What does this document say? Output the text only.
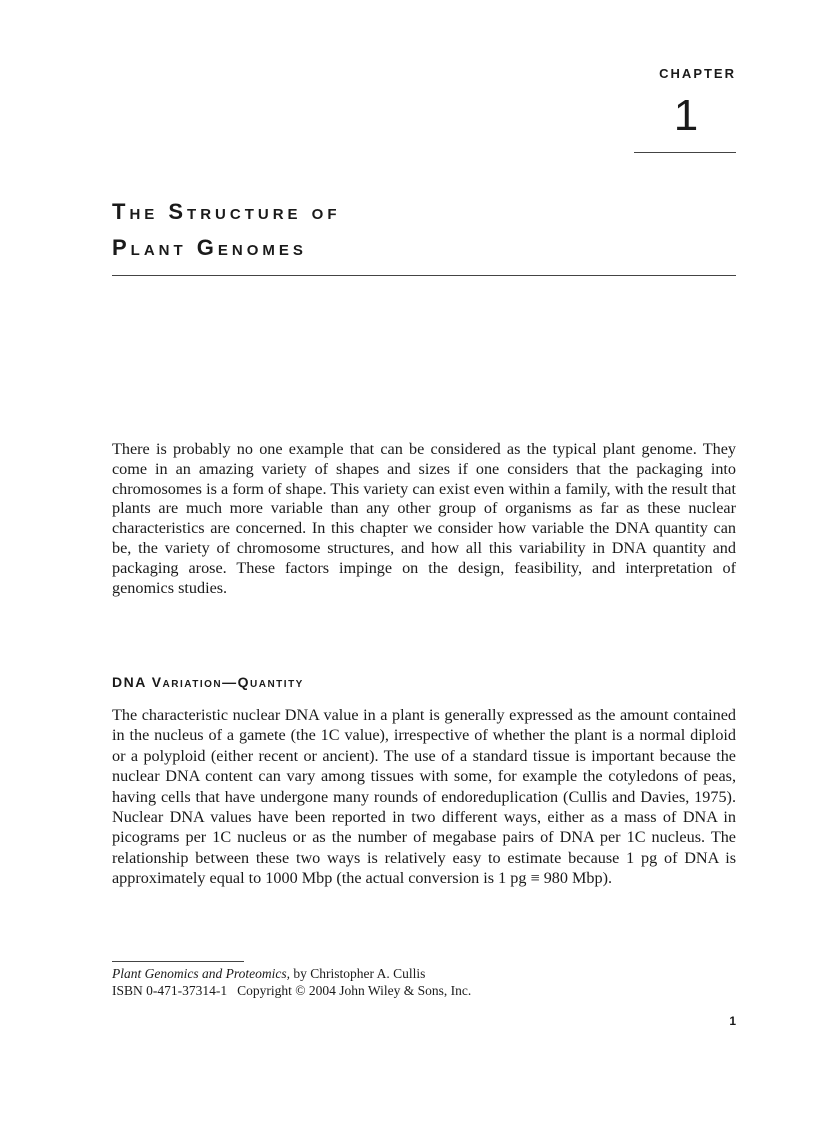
CHAPTER

1

The Structure of
Plant Genomes

There is probably no one example that can be considered as the typical plant genome. They come in an amazing variety of shapes and sizes if one considers that the packaging into chromosomes is a form of shape. This variety can exist even within a family, with the result that plants are much more variable than any other group of organisms as far as these nuclear characteristics are concerned. In this chapter we consider how variable the DNA quantity can be, the variety of chromosome structures, and how all this variability in DNA quantity and packaging arose. These factors impinge on the design, feasibility, and interpretation of genomics studies.

DNA Variation—Quantity

The characteristic nuclear DNA value in a plant is generally expressed as the amount contained in the nucleus of a gamete (the 1C value), irrespective of whether the plant is a normal diploid or a polyploid (either recent or ancient). The use of a standard tissue is important because the nuclear DNA content can vary among tissues with some, for example the cotyledons of peas, having cells that have undergone many rounds of endoreduplication (Cullis and Davies, 1975). Nuclear DNA values have been reported in two different ways, either as a mass of DNA in picograms per 1C nucleus or as the number of megabase pairs of DNA per 1C nucleus. The relationship between these two ways is relatively easy to estimate because 1 pg of DNA is approximately equal to 1000 Mbp (the actual conversion is 1 pg ≡ 980 Mbp).

Plant Genomics and Proteomics, by Christopher A. Cullis
ISBN 0-471-37314-1 Copyright © 2004 John Wiley & Sons, Inc.

1
